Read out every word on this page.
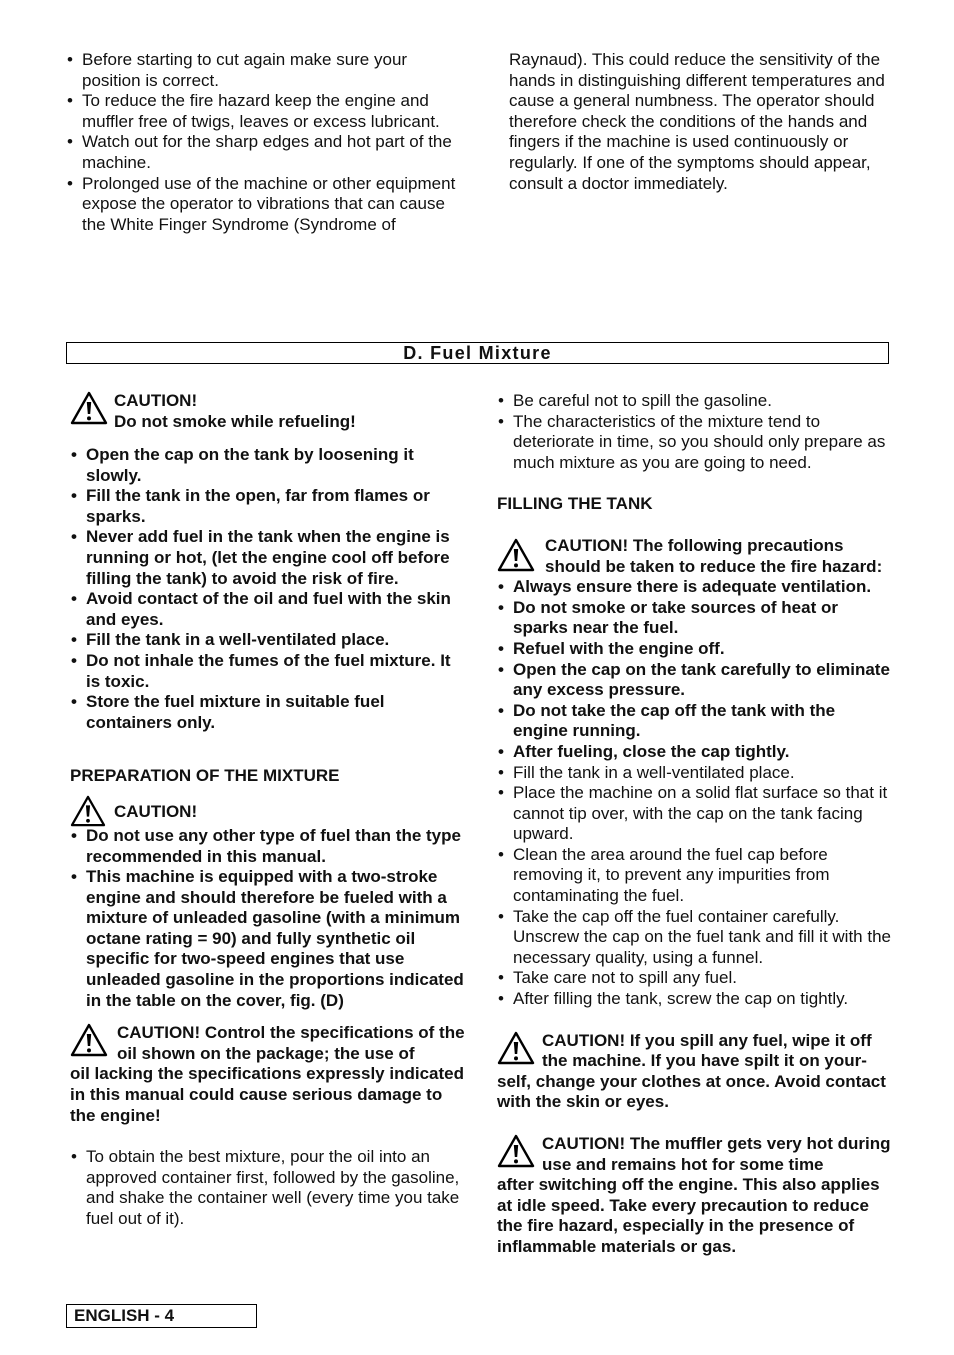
• Before starting to cut again make sure your position is correct.
• To reduce the fire hazard keep the engine and muffler free of twigs, leaves or excess lubricant.
• Watch out for the sharp edges and hot part of the machine.
• Prolonged use of the machine or other equipment expose the operator to vibrations that can cause the White Finger Syndrome (Syndrome of

Raynaud). This could reduce the sensitivity of the hands in distinguishing different temperatures and cause a general numbness. The operator should therefore check the conditions of the hands and fingers if the machine is used continuously or regularly. If one of the symptoms should appear, consult a doctor immediately.

D. Fuel Mixture
CAUTION!
Do not smoke while refueling!
• Open the cap on the tank by loosening it slowly.
• Fill the tank in the open, far from flames or sparks.
• Never add fuel in the tank when the engine is running or hot, (let the engine cool off before filling the tank) to avoid the risk of fire.
• Avoid contact of the oil and fuel with the skin and eyes.
• Fill the tank in a well-ventilated place.
• Do not inhale the fumes of the fuel mixture. It is toxic.
• Store the fuel mixture in suitable fuel containers only.

PREPARATION OF THE MIXTURE

CAUTION!
• Do not use any other type of fuel than the type recommended in this manual.
• This machine is equipped with a two-stroke engine and should therefore be fueled with a mixture of unleaded gasoline (with a minimum octane rating = 90) and fully synthetic oil specific for two-speed engines that use unleaded gasoline in the proportions indicated in the table on the cover, fig. (D)
CAUTION! Control the specifications of the oil shown on the package; the use of
oil lacking the specifications expressly indicated in this manual could cause serious damage to the engine!
• To obtain the best mixture, pour the oil into an approved container first, followed by the gasoline, and shake the container well (every time you take fuel out of it).
• Be careful not to spill the gasoline.
• The characteristics of the mixture tend to deteriorate in time, so you should only prepare as much mixture as you are going to need.

FILLING THE TANK

CAUTION! The following precautions should be taken to reduce the fire hazard:
• Always ensure there is adequate ventilation.
• Do not smoke or take sources of heat or sparks near the fuel.
• Refuel with the engine off.
• Open the cap on the tank carefully to eliminate any excess pressure.
• Do not take the cap off the tank with the engine running.
• After fueling, close the cap tightly.
• Fill the tank in a well-ventilated place.
• Place the machine on a solid flat surface so that it cannot tip over, with the cap on the tank facing upward.
• Clean the area around the fuel cap before removing it, to prevent any impurities from contaminating the fuel.
• Take the cap off the fuel container carefully. Unscrew the cap on the fuel tank and fill it with the necessary quality, using a funnel.
• Take care not to spill any fuel.
• After filling the tank, screw the cap on tightly.
CAUTION! If you spill any fuel, wipe it off the machine. If you have spilt it on your-
self, change your clothes at once. Avoid contact with the skin or eyes.
CAUTION! The muffler gets very hot during use and remains hot for some time
after switching off the engine. This also applies at idle speed. Take every precaution to reduce the fire hazard, especially in the presence of inflammable materials or gas.
ENGLISH - 4
